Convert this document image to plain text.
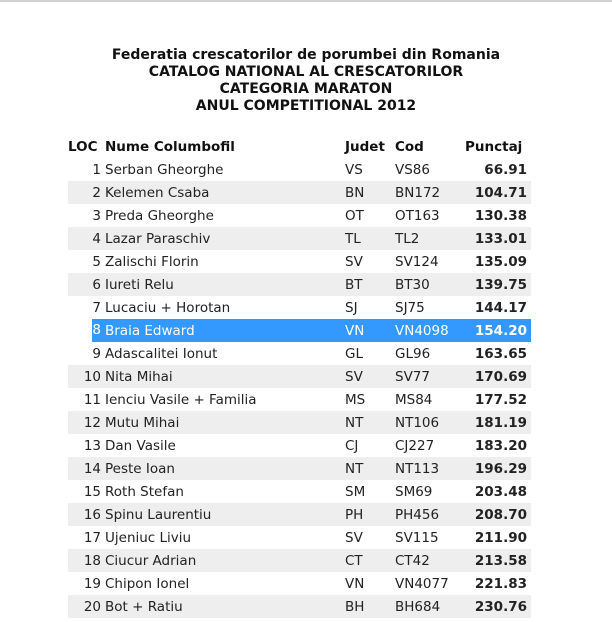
Federatia crescatorilor de porumbei din Romania
CATALOG NATIONAL AL CRESCATORILOR
CATEGORIA MARATON
ANUL COMPETITIONAL 2012
LOC	Nume Columbofil	Judet	Cod	Punctaj
1	Serban Gheorghe	VS	VS86	66.91
2	Kelemen Csaba	BN	BN172	104.71
3	Preda Gheorghe	OT	OT163	130.38
4	Lazar Paraschiv	TL	TL2	133.01
5	Zalischi Florin	SV	SV124	135.09
6	Iureti Relu	BT	BT30	139.75
7	Lucaciu + Horotan	SJ	SJ75	144.17
8	Braia Edward	VN	VN4098	154.20
9	Adascalitei Ionut	GL	GL96	163.65
10	Nita Mihai	SV	SV77	170.69
11	Ienciu Vasile + Familia	MS	MS84	177.52
12	Mutu Mihai	NT	NT106	181.19
13	Dan Vasile	CJ	CJ227	183.20
14	Peste Ioan	NT	NT113	196.29
15	Roth Stefan	SM	SM69	203.48
16	Spinu Laurentiu	PH	PH456	208.70
17	Ujeniuc Liviu	SV	SV115	211.90
18	Ciucur Adrian	CT	CT42	213.58
19	Chipon Ionel	VN	VN4077	221.83
20	Bot + Ratiu	BH	BH684	230.76
